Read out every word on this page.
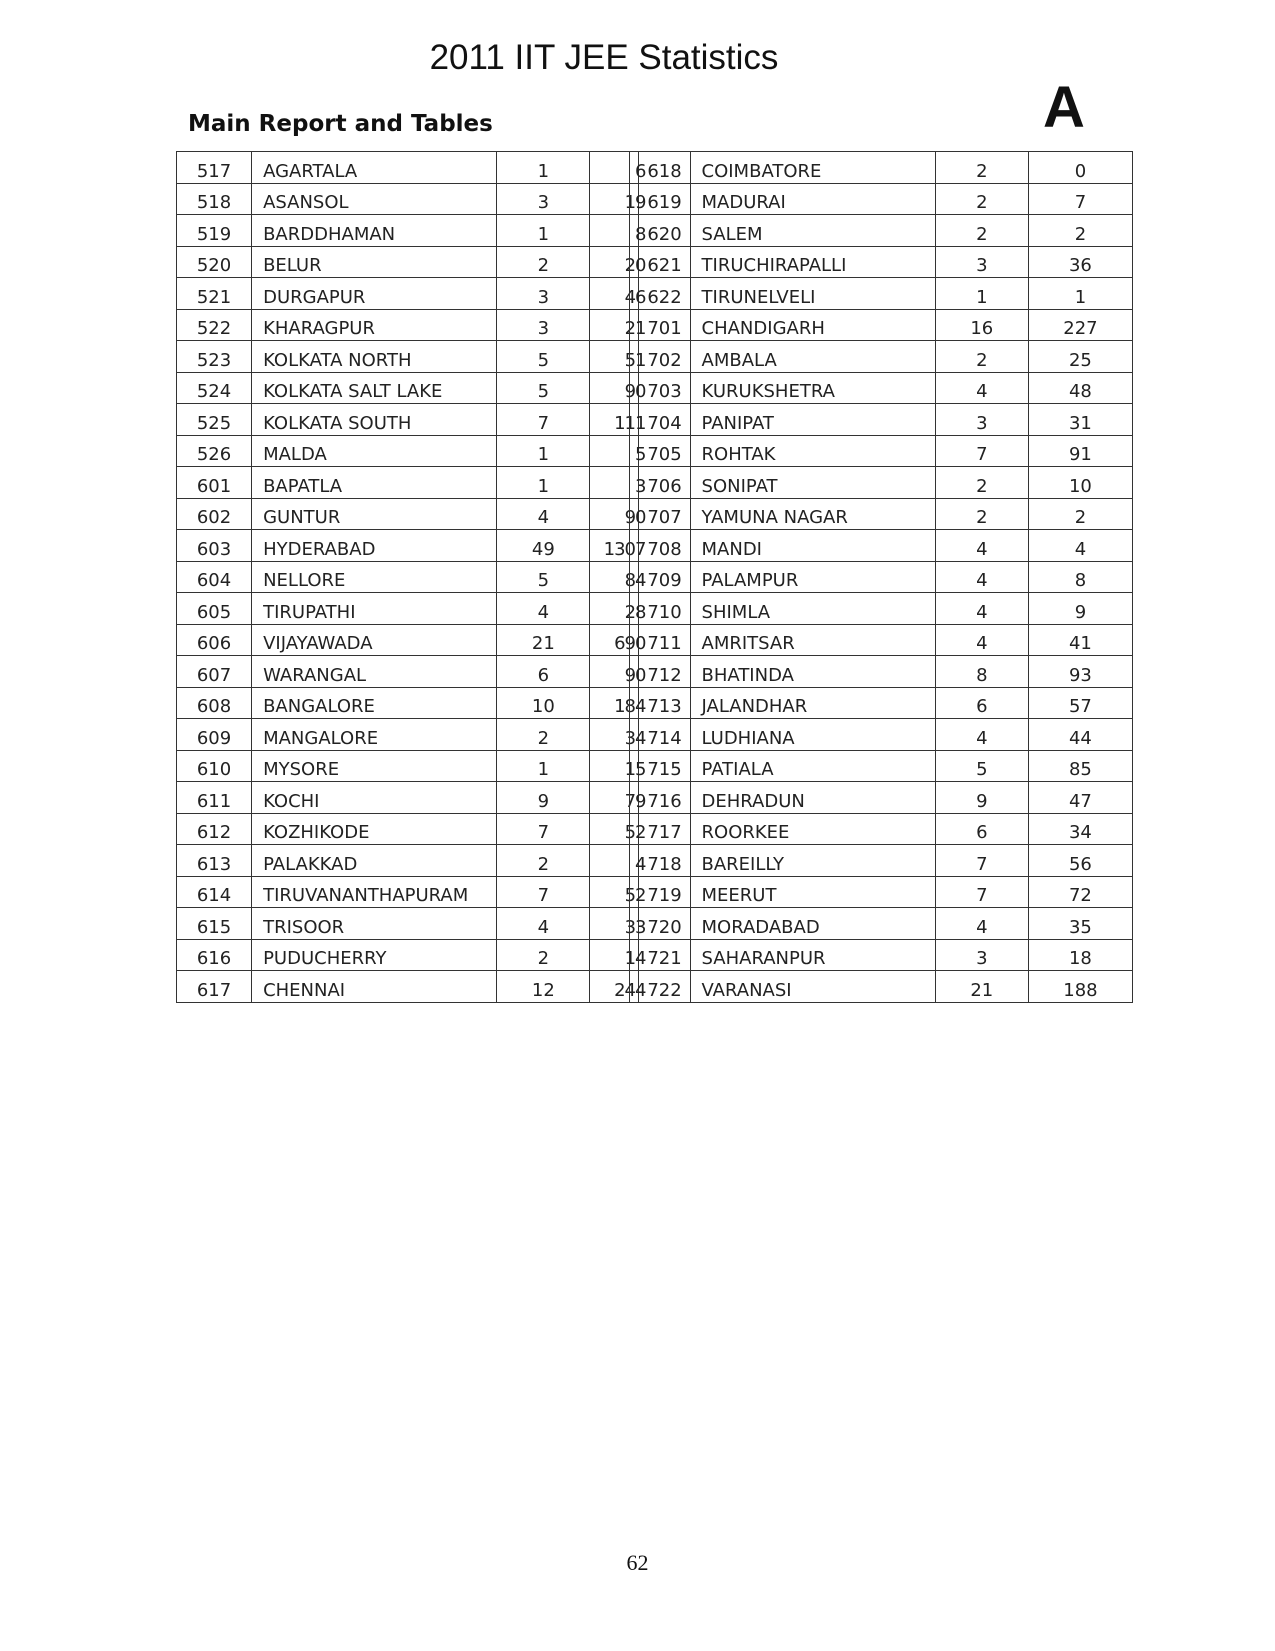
2011 IIT JEE Statistics
Main Report and Tables	A
517	AGARTALA	1	6	618	COIMBATORE	2	0
518	ASANSOL	3	19	619	MADURAI	2	7
519	BARDDHAMAN	1	8	620	SALEM	2	2
520	BELUR	2	20	621	TIRUCHIRAPALLI	3	36
521	DURGAPUR	3	46	622	TIRUNELVELI	1	1
522	KHARAGPUR	3	21	701	CHANDIGARH	16	227
523	KOLKATA NORTH	5	51	702	AMBALA	2	25
524	KOLKATA SALT LAKE	5	90	703	KURUKSHETRA	4	48
525	KOLKATA SOUTH	7	111	704	PANIPAT	3	31
526	MALDA	1	5	705	ROHTAK	7	91
601	BAPATLA	1	3	706	SONIPAT	2	10
602	GUNTUR	4	90	707	YAMUNA NAGAR	2	2
603	HYDERABAD	49	1307	708	MANDI	4	4
604	NELLORE	5	84	709	PALAMPUR	4	8
605	TIRUPATHI	4	28	710	SHIMLA	4	9
606	VIJAYAWADA	21	690	711	AMRITSAR	4	41
607	WARANGAL	6	90	712	BHATINDA	8	93
608	BANGALORE	10	184	713	JALANDHAR	6	57
609	MANGALORE	2	34	714	LUDHIANA	4	44
610	MYSORE	1	15	715	PATIALA	5	85
611	KOCHI	9	79	716	DEHRADUN	9	47
612	KOZHIKODE	7	52	717	ROORKEE	6	34
613	PALAKKAD	2	4	718	BAREILLY	7	56
614	TIRUVANANTHAPURAM	7	52	719	MEERUT	7	72
615	TRISOOR	4	33	720	MORADABAD	4	35
616	PUDUCHERRY	2	14	721	SAHARANPUR	3	18
617	CHENNAI	12	244	722	VARANASI	21	188
62
